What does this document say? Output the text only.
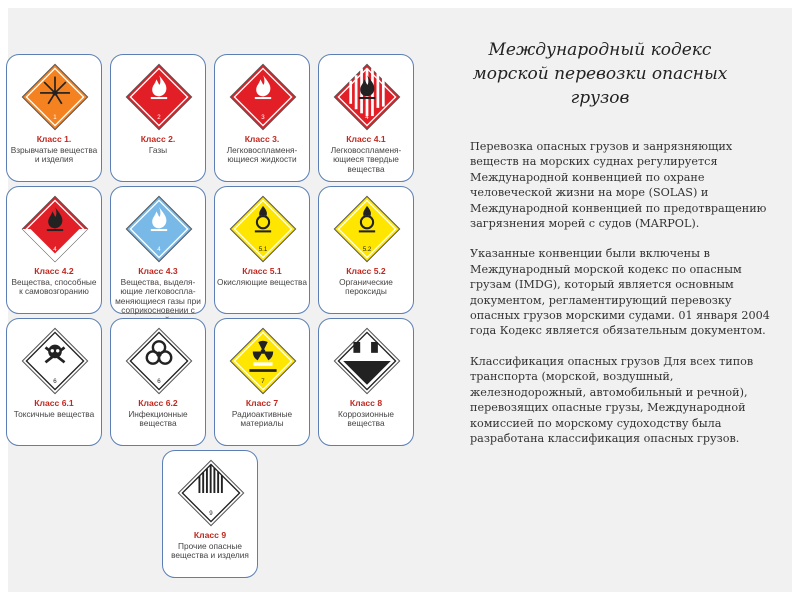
Международный кодекс морской перевозки опасных грузов

Перевозка опасных грузов и занрязняющих веществ на морских суднах регулируется Международной конвенцией по охране человеческой жизни на море (SOLAS) и Международной конвенцией по предотвращению загрязнения морей с судов (MARPOL).

Указанные конвенции были включены в Международный морской кодекс по опасным грузам (IMDG), который является основным документом, регламентирующий перевозку опасных грузов морскими судами. 01 января 2004 года Кодекс является обязательным документом.

Классификация опасных грузов Для всех типов транспорта (морской, воздушный, железнодорожный, автомобильный и речной), перевозящих опасные грузы, Международной комиссией по морскому судоходству была разработана классификация опасных грузов.

1
Класс 1.
Взрывчатые вещества и изделия
2
Класс 2.
Газы
3
Класс 3.
Легковоспламеня-ющиеся жидкости
4
Класс 4.1
Легковоспламеня-ющиеся твердые вещества
4
Класс 4.2
Вещества, способные к самовозгоранию
4
Класс 4.3
Вещества, выделя-ющие легковоспла-меняющиеся газы при соприкосновении с
5.1
Класс 5.1
Окисляющие вещества
5.2
Класс 5.2
Органические пероксиды
6
Класс 6.1
Токсичные вещества
6
Класс 6.2
Инфекционные вещества
7
Класс 7
Радиоактивные материалы
8
Класс 8
Коррозионные вещества
9
Класс 9
Прочие опасные вещества и изделия
